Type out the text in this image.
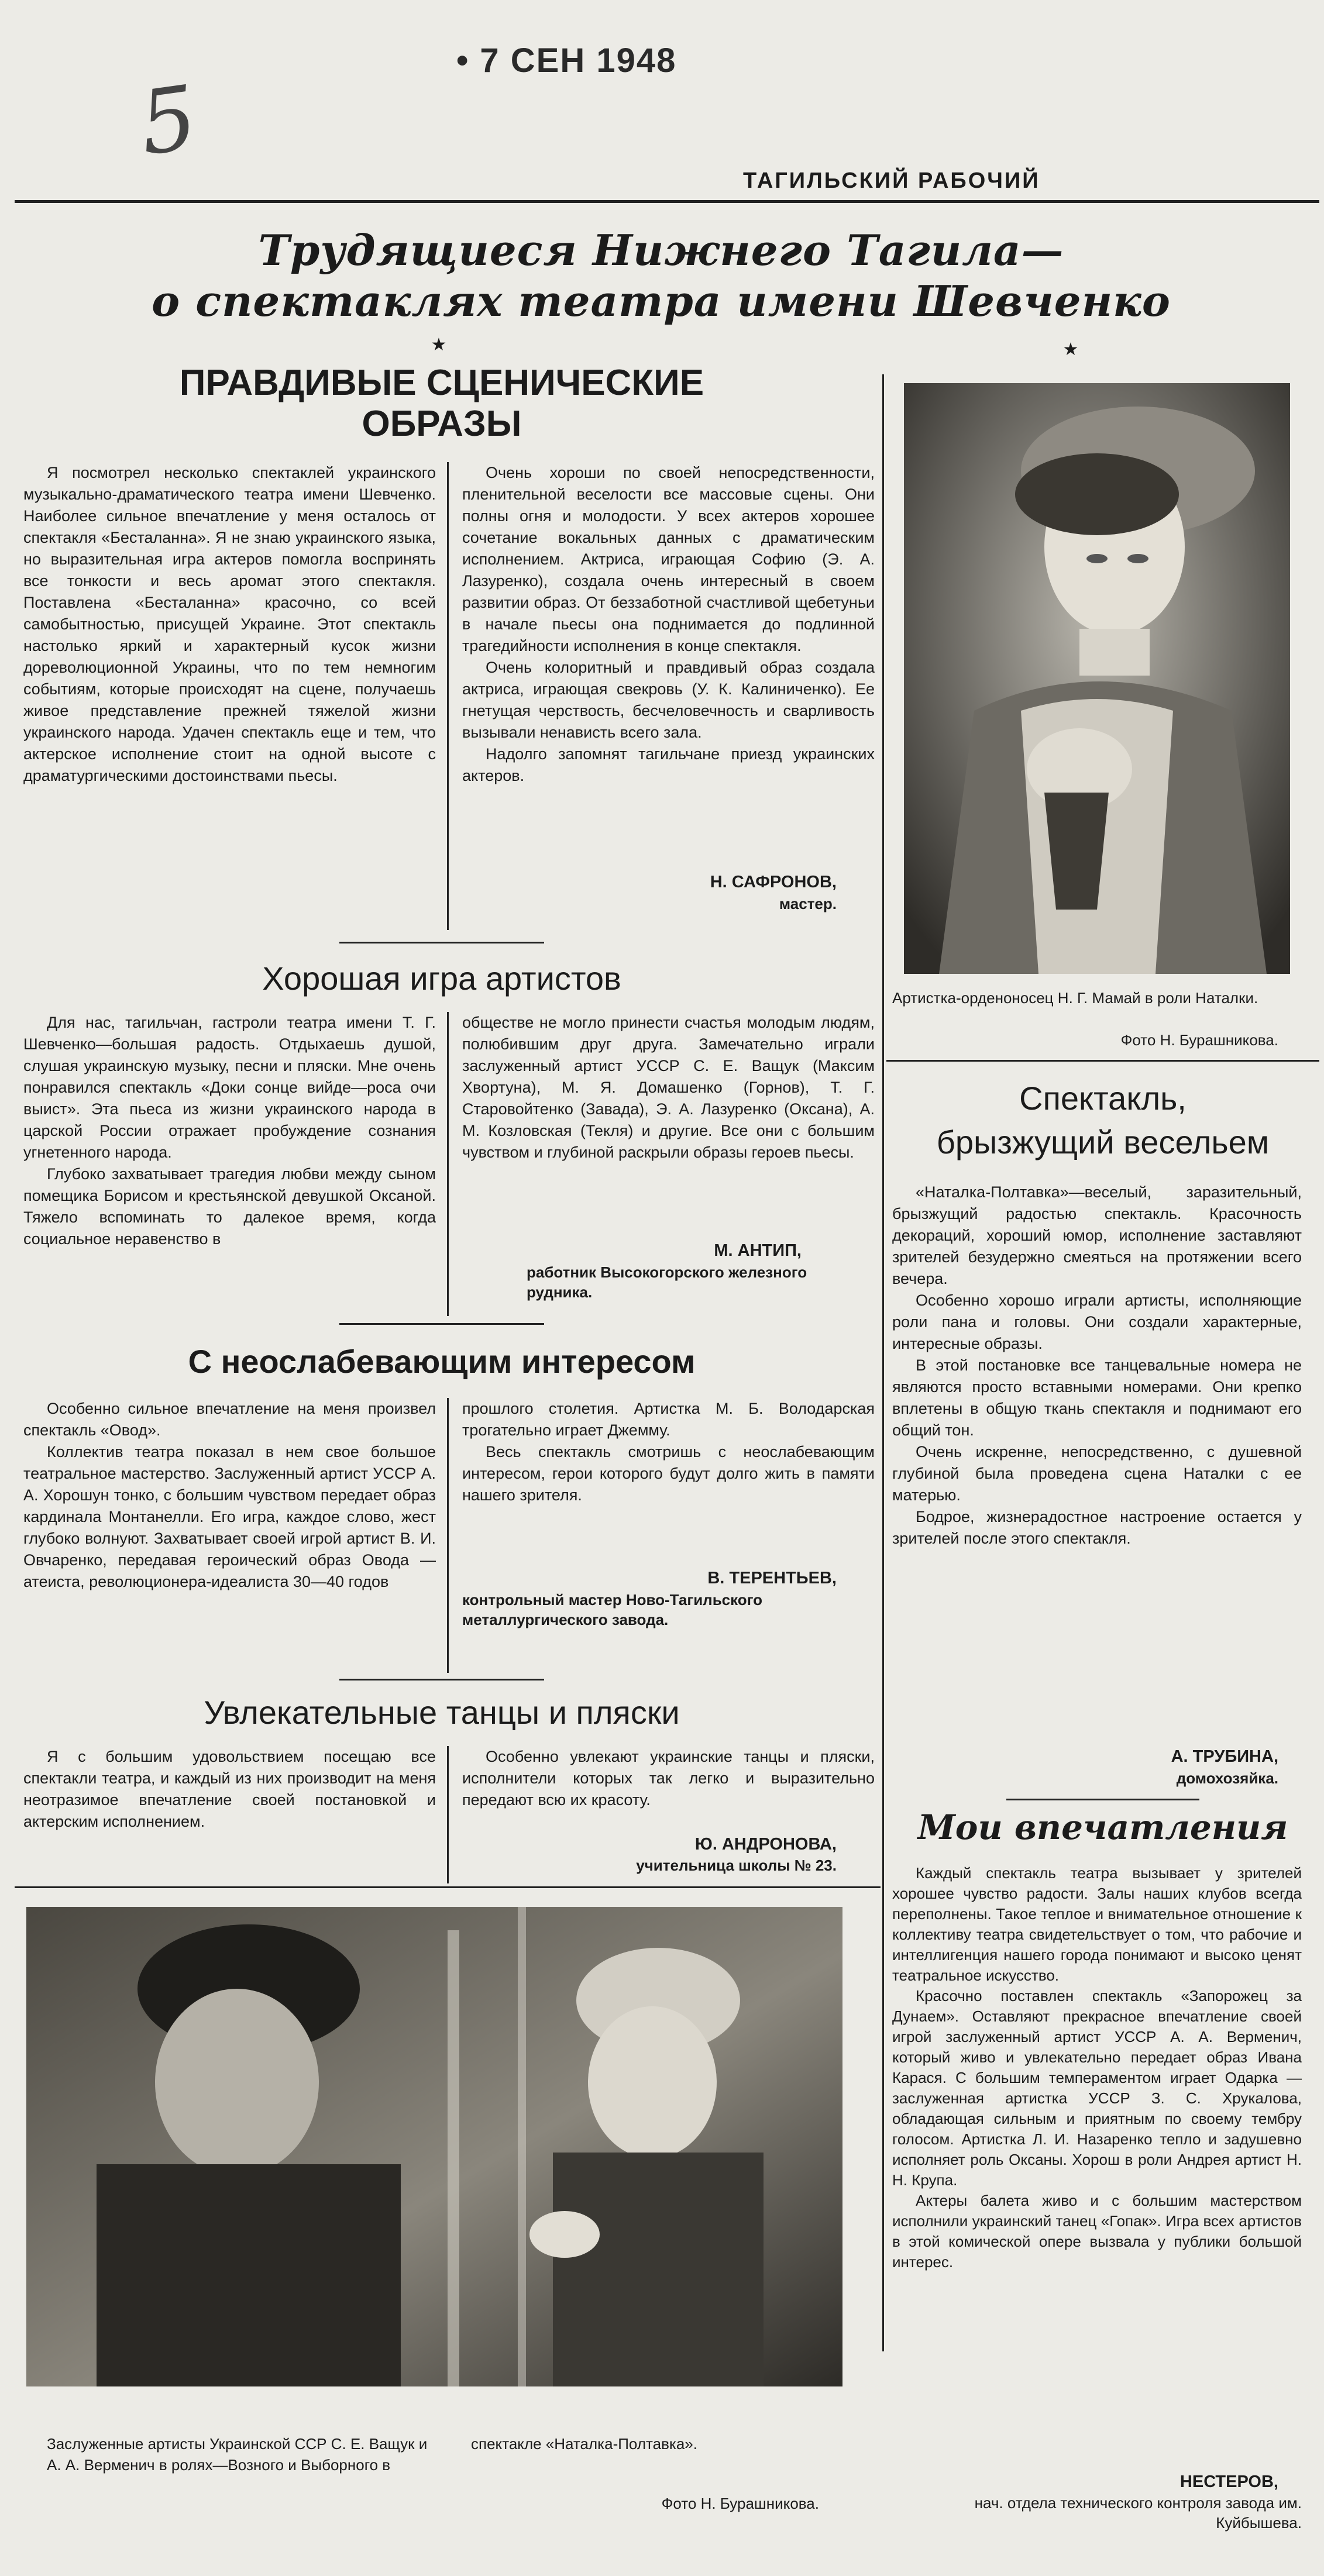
• 7 СЕН 1948
5
ТАГИЛЬСКИЙ РАБОЧИЙ
Трудящиеся Нижнего Тагила—
о спектаклях театра имени Шевченко
★	★
ПРАВДИВЫЕ СЦЕНИЧЕСКИЕ
ОБРАЗЫ

Я посмотрел несколько спектаклей украинского музыкально-драматического театра имени Шевченко. Наиболее сильное впечатление у меня осталось от спектакля «Бесталанна». Я не знаю украинского языка, но выразительная игра актеров помогла воспринять все тонкости и весь аромат этого спектакля. Поставлена «Бесталанна» красочно, со всей самобытностью, присущей Украине. Этот спектакль настолько яркий и характерный кусок жизни дореволюционной Украины, что по тем немногим событиям, которые происходят на сцене, получаешь живое представление прежней тяжелой жизни украинского народа. Удачен спектакль еще и тем, что актерское исполнение стоит на одной высоте с драматургическими достоинствами пьесы.

Очень хороши по своей непосредственности, пленительной веселости все массовые сцены. Они полны огня и молодости. У всех актеров хорошее сочетание вокальных данных с драматическим исполнением. Актриса, играющая Софию (Э. А. Лазуренко), создала очень интересный в своем развитии образ. От беззаботной счастливой щебетуньи в начале пьесы она поднимается до подлинной трагедийности исполнения в конце спектакля.

Очень колоритный и правдивый образ создала актриса, играющая свекровь (У. К. Калиниченко). Ее гнетущая черствость, бесчеловечность и сварливость вызывали ненависть всего зала.

Надолго запомнят тагильчане приезд украинских актеров.

Н. САФРОНОВ,
мастер.
Артистка-орденоносец Н. Г. Мамай в роли Наталки.
Фото Н. Бурашникова.
Спектакль,
брызжущий весельем

«Наталка-Полтавка»—веселый, заразительный, брызжущий радостью спектакль. Красочность декораций, хороший юмор, исполнение заставляют зрителей безудержно смеяться на протяжении всего вечера.

Особенно хорошо играли артисты, исполняющие роли пана и головы. Они создали характерные, интересные образы.

В этой постановке все танцевальные номера не являются просто вставными номерами. Они крепко вплетены в общую ткань спектакля и поднимают его общий тон.

Очень искренне, непосредственно, с душевной глубиной была проведена сцена Наталки с ее матерью.

Бодрое, жизнерадостное настроение остается у зрителей после этого спектакля.

А. ТРУБИНА,
домохозяйка.
Мои впечатления

Каждый спектакль театра вызывает у зрителей хорошее чувство радости. Залы наших клубов всегда переполнены. Такое теплое и внимательное отношение к коллективу театра свидетельствует о том, что рабочие и интеллигенция нашего города понимают и высоко ценят театральное искусство.

Красочно поставлен спектакль «Запорожец за Дунаем». Оставляют прекрасное впечатление своей игрой заслуженный артист УССР А. А. Верменич, который живо и увлекательно передает образ Ивана Карася. С большим темпераментом играет Одарка — заслуженная артистка УССР З. С. Хрукалова, обладающая сильным и приятным по своему тембру голосом. Артистка Л. И. Назаренко тепло и задушевно исполняет роль Оксаны. Хорош в роли Андрея артист Н. Н. Крупа.

Актеры балета живо и с большим мастерством исполнили украинский танец «Гопак». Игра всех артистов в этой комической опере вызвала у публики большой интерес.

НЕСТЕРОВ,
нач. отдела технического контроля завода им. Куйбышева.
Хорошая игра артистов

Для нас, тагильчан, гастроли театра имени Т. Г. Шевченко—большая радость. Отдыхаешь душой, слушая украинскую музыку, песни и пляски. Мне очень понравился спектакль «Доки сонце вийде—роса очи выист». Эта пьеса из жизни украинского народа в царской России отражает пробуждение сознания угнетенного народа.

Глубоко захватывает трагедия любви между сыном помещика Борисом и крестьянской девушкой Оксаной. Тяжело вспоминать то далекое время, когда социальное неравенство в

обществе не могло принести счастья молодым людям, полюбившим друг друга. Замечательно играли заслуженный артист УССР С. Е. Ващук (Максим Хвортуна), М. Я. Домашенко (Горнов), Т. Г. Старовойтенко (Завада), Э. А. Лазуренко (Оксана), А. М. Козловская (Текля) и другие. Все они с большим чувством и глубиной раскрыли образы героев пьесы.

М. АНТИП,
работник Высокогорского железного рудника.
С неослабевающим интересом

Особенно сильное впечатление на меня произвел спектакль «Овод».

Коллектив театра показал в нем свое большое театральное мастерство. Заслуженный артист УССР А. А. Хорошун тонко, с большим чувством передает образ кардинала Монтанелли. Его игра, каждое слово, жест глубоко волнуют. Захватывает своей игрой артист В. И. Овчаренко, передавая героический образ Овода — атеиста, революционера-идеалиста 30—40 годов

прошлого столетия. Артистка М. Б. Володарская трогательно играет Джемму.

Весь спектакль смотришь с неослабевающим интересом, герои которого будут долго жить в памяти нашего зрителя.

В. ТЕРЕНТЬЕВ,
контрольный мастер Ново-Тагильского металлургического завода.
Увлекательные танцы и пляски

Я с большим удовольствием посещаю все спектакли театра, и каждый из них производит на меня неотразимое впечатление своей постановкой и актерским исполнением.

Особенно увлекают украинские танцы и пляски, исполнители которых так легко и выразительно передают всю их красоту.

Ю. АНДРОНОВА,
учительница школы № 23.
Заслуженные артисты Украинской ССР С. Е. Ващук и А. А. Верменич в ролях—Возного и Выборного в спектакле «Наталка-Полтавка».
Фото Н. Бурашникова.
